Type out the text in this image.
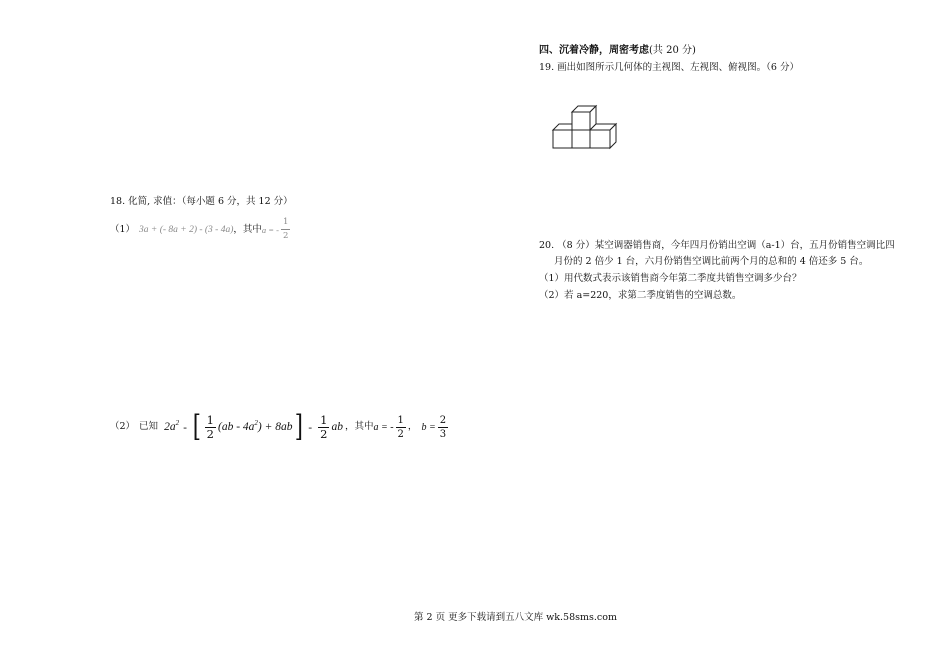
四、沉着冷静，周密考虑(共 20 分)
19. 画出如图所示几何体的主视图、左视图、俯视图。（6 分）
18. 化简, 求值：（每小题 6 分，共 12 分）
（1） 3a + (- 8a + 2) - (3 - 4a) ，其中 a = - $\frac{1}{2}$
（2） 已知 $2a^2$ - [ $\frac{1}{2} (ab - 4a^2) + 8ab$ ] - $\frac{1}{2}$ ab ，其中 a = - $\frac{1}{2}$ ， $b = \frac{2}{3}$
20. （8 分）某空调器销售商，今年四月份销出空调（a-1）台，五月份销售空调比四
月份的 2 倍少 1 台，六月份销售空调比前两个月的总和的 4 倍还多 5 台。
（1）用代数式表示该销售商今年第二季度共销售空调多少台？
（2）若 a=220，求第二季度销售的空调总数。
第 2 页 更多下载请到五八文库 wk.58sms.com
